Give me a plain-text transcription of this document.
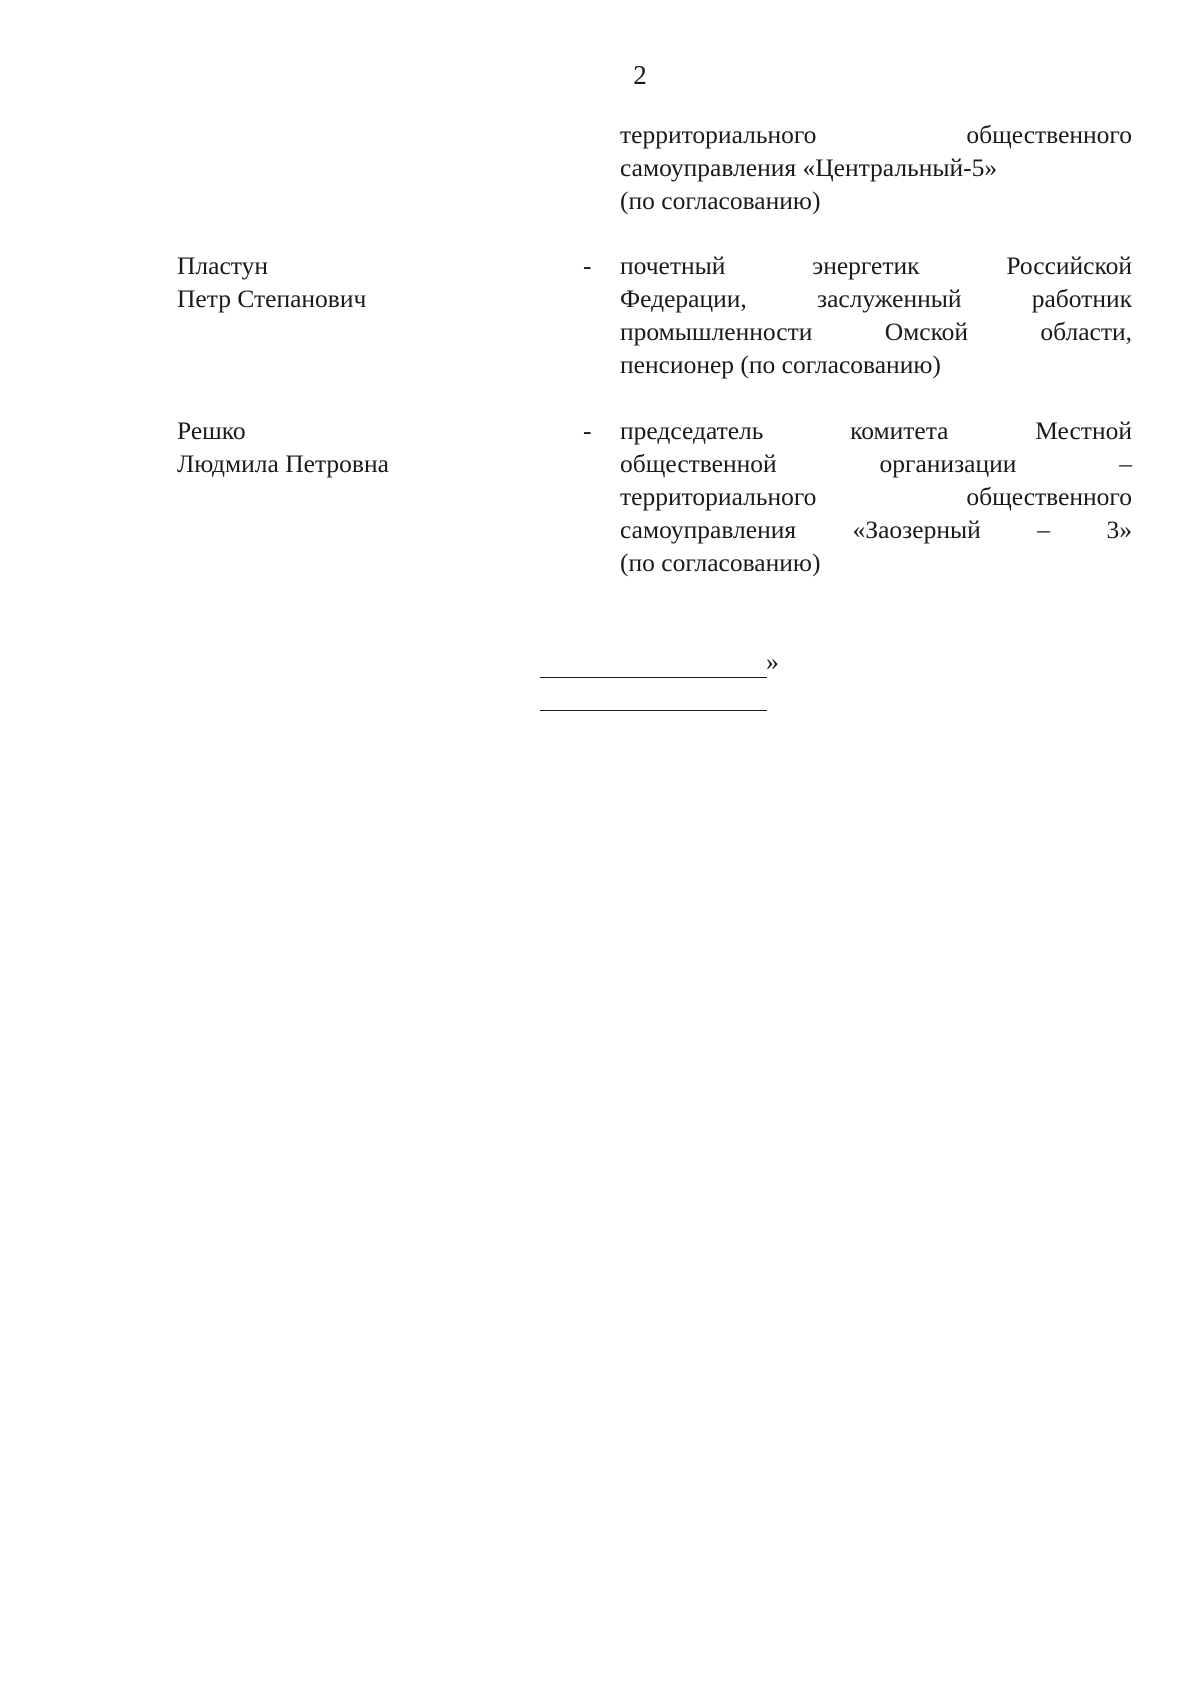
2
территориального общественного
самоуправления «Центральный-5»
(по согласованию)
Пластун
Петр Степанович
- почетный энергетик Российской
Федерации, заслуженный работник
промышленности Омской области,
пенсионер (по согласованию)
Решко
Людмила Петровна
- председатель комитета Местной
общественной организации –
территориального общественного
самоуправления «Заозерный – 3»
(по согласованию)
»
